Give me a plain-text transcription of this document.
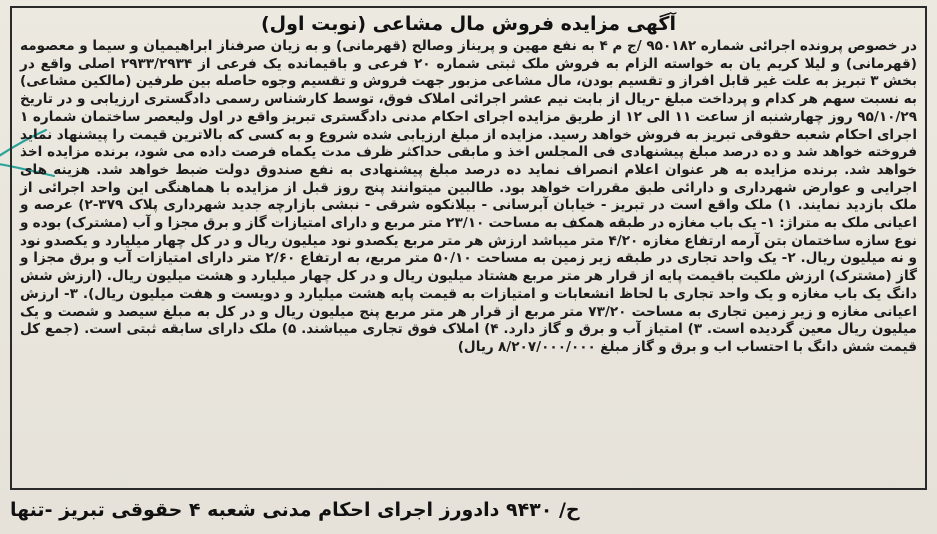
آگهی مزایده فروش مال مشاعی (نوبت اول)

در خصوص پرونده اجرائی شماره ۹۵۰۱۸۲ /ج م ۴ به نفع مهین و پریناز وصالح (قهرمانی) و به زیان صرفناز ابراهیمیان و سیما و معصومه (قهرمانی) و لیلا کریم یان به خواسته الزام به فروش ملک ثبتی شماره ۲۰ فرعی و باقیمانده یک فرعی از ۲۹۳۳/۲۹۳۴ اصلی واقع در بخش ۳ تبریز به علت غیر قابل افراز و تقسیم بودن، مال مشاعی مزبور جهت فروش و تقسیم وجوه حاصله بین طرفین (مالکین مشاعی) به نسبت سهم هر کدام و پرداخت مبلغ -ریال از بابت نیم عشر اجرائی املاک فوق، توسط کارشناس رسمی دادگستری ارزیابی و در تاریخ ۹۵/۱۰/۲۹ روز چهارشنبه از ساعت ۱۱ الی ۱۲ از طریق مزایده اجرای احکام مدنی دادگستری تبریز واقع در اول ولیعصر ساختمان شماره ۱ اجرای احکام شعبه حقوقی تبریز به فروش خواهد رسید. مزایده از مبلغ ارزیابی شده شروع و به کسی که بالاترین قیمت را پیشنهاد نماید فروخته خواهد شد و ده درصد مبلغ پیشنهادی فی المجلس اخذ و مابقی حداکثر ظرف مدت یکماه فرصت داده می شود، برنده مزایده اخذ خواهد شد. برنده مزایده به هر عنوان اعلام انصراف نماید ده درصد مبلغ پیشنهادی به نفع صندوق دولت ضبط خواهد شد. هزینه های اجرایی و عوارض شهرداری و دارائی طبق مقررات خواهد بود. طالبین میتوانند پنج روز قبل از مزایده با هماهنگی این واحد اجرائی از ملک بازدید نمایند. ۱) ملک واقع است در تبریز - خیابان آبرسانی - بیلانکوه شرقی - نبشی بازارچه جدید شهرداری پلاک ۳۷۹-۲) عرصه و اعیانی ملک به متراژ: ۱- یک باب مغازه در طبقه همکف به مساحت ۲۳/۱۰ متر مربع و دارای امتیازات گاز و برق مجزا و آب (مشترک) بوده و نوع سازه ساختمان بتن آرمه ارتفاع مغازه ۴/۲۰ متر میباشد ارزش هر متر مربع یکصدو نود میلیون ریال و در کل چهار میلیارد و یکصدو نود و نه میلیون ریال. ۲- یک واحد تجاری در طبقه زیر زمین به مساحت ۵۰/۱۰ متر مربع، به ارتفاع ۲/۶۰ متر دارای امتیازات آب و برق مجزا و گاز (مشترک) ارزش ملکیت باقیمت پایه از قرار هر متر مربع هشتاد میلیون ریال و در کل چهار میلیارد و هشت میلیون ریال. (ارزش شش دانگ یک باب مغازه و یک واحد تجاری با لحاظ انشعابات و امتیازات به قیمت پایه هشت میلیارد و دویست و هفت میلیون ریال). ۳- ارزش اعیانی مغازه و زیر زمین تجاری به مساحت ۷۳/۲۰ متر مربع از قرار هر متر مربع پنج میلیون ریال و در کل به مبلغ سیصد و شصت و یک میلیون ریال معین گردیده است. ۳) امتیاز آب و برق و گاز دارد. ۴) املاک فوق تجاری میباشند. ۵) ملک دارای سابقه ثبتی است. (جمع کل قیمت شش دانگ با احتساب اب و برق و گاز مبلغ ۸/۲۰۷/۰۰۰/۰۰۰ ریال)

ح/ ۹۴۳۰ دادورز اجرای احکام مدنی شعبه ۴ حقوقی تبریز -تنها
